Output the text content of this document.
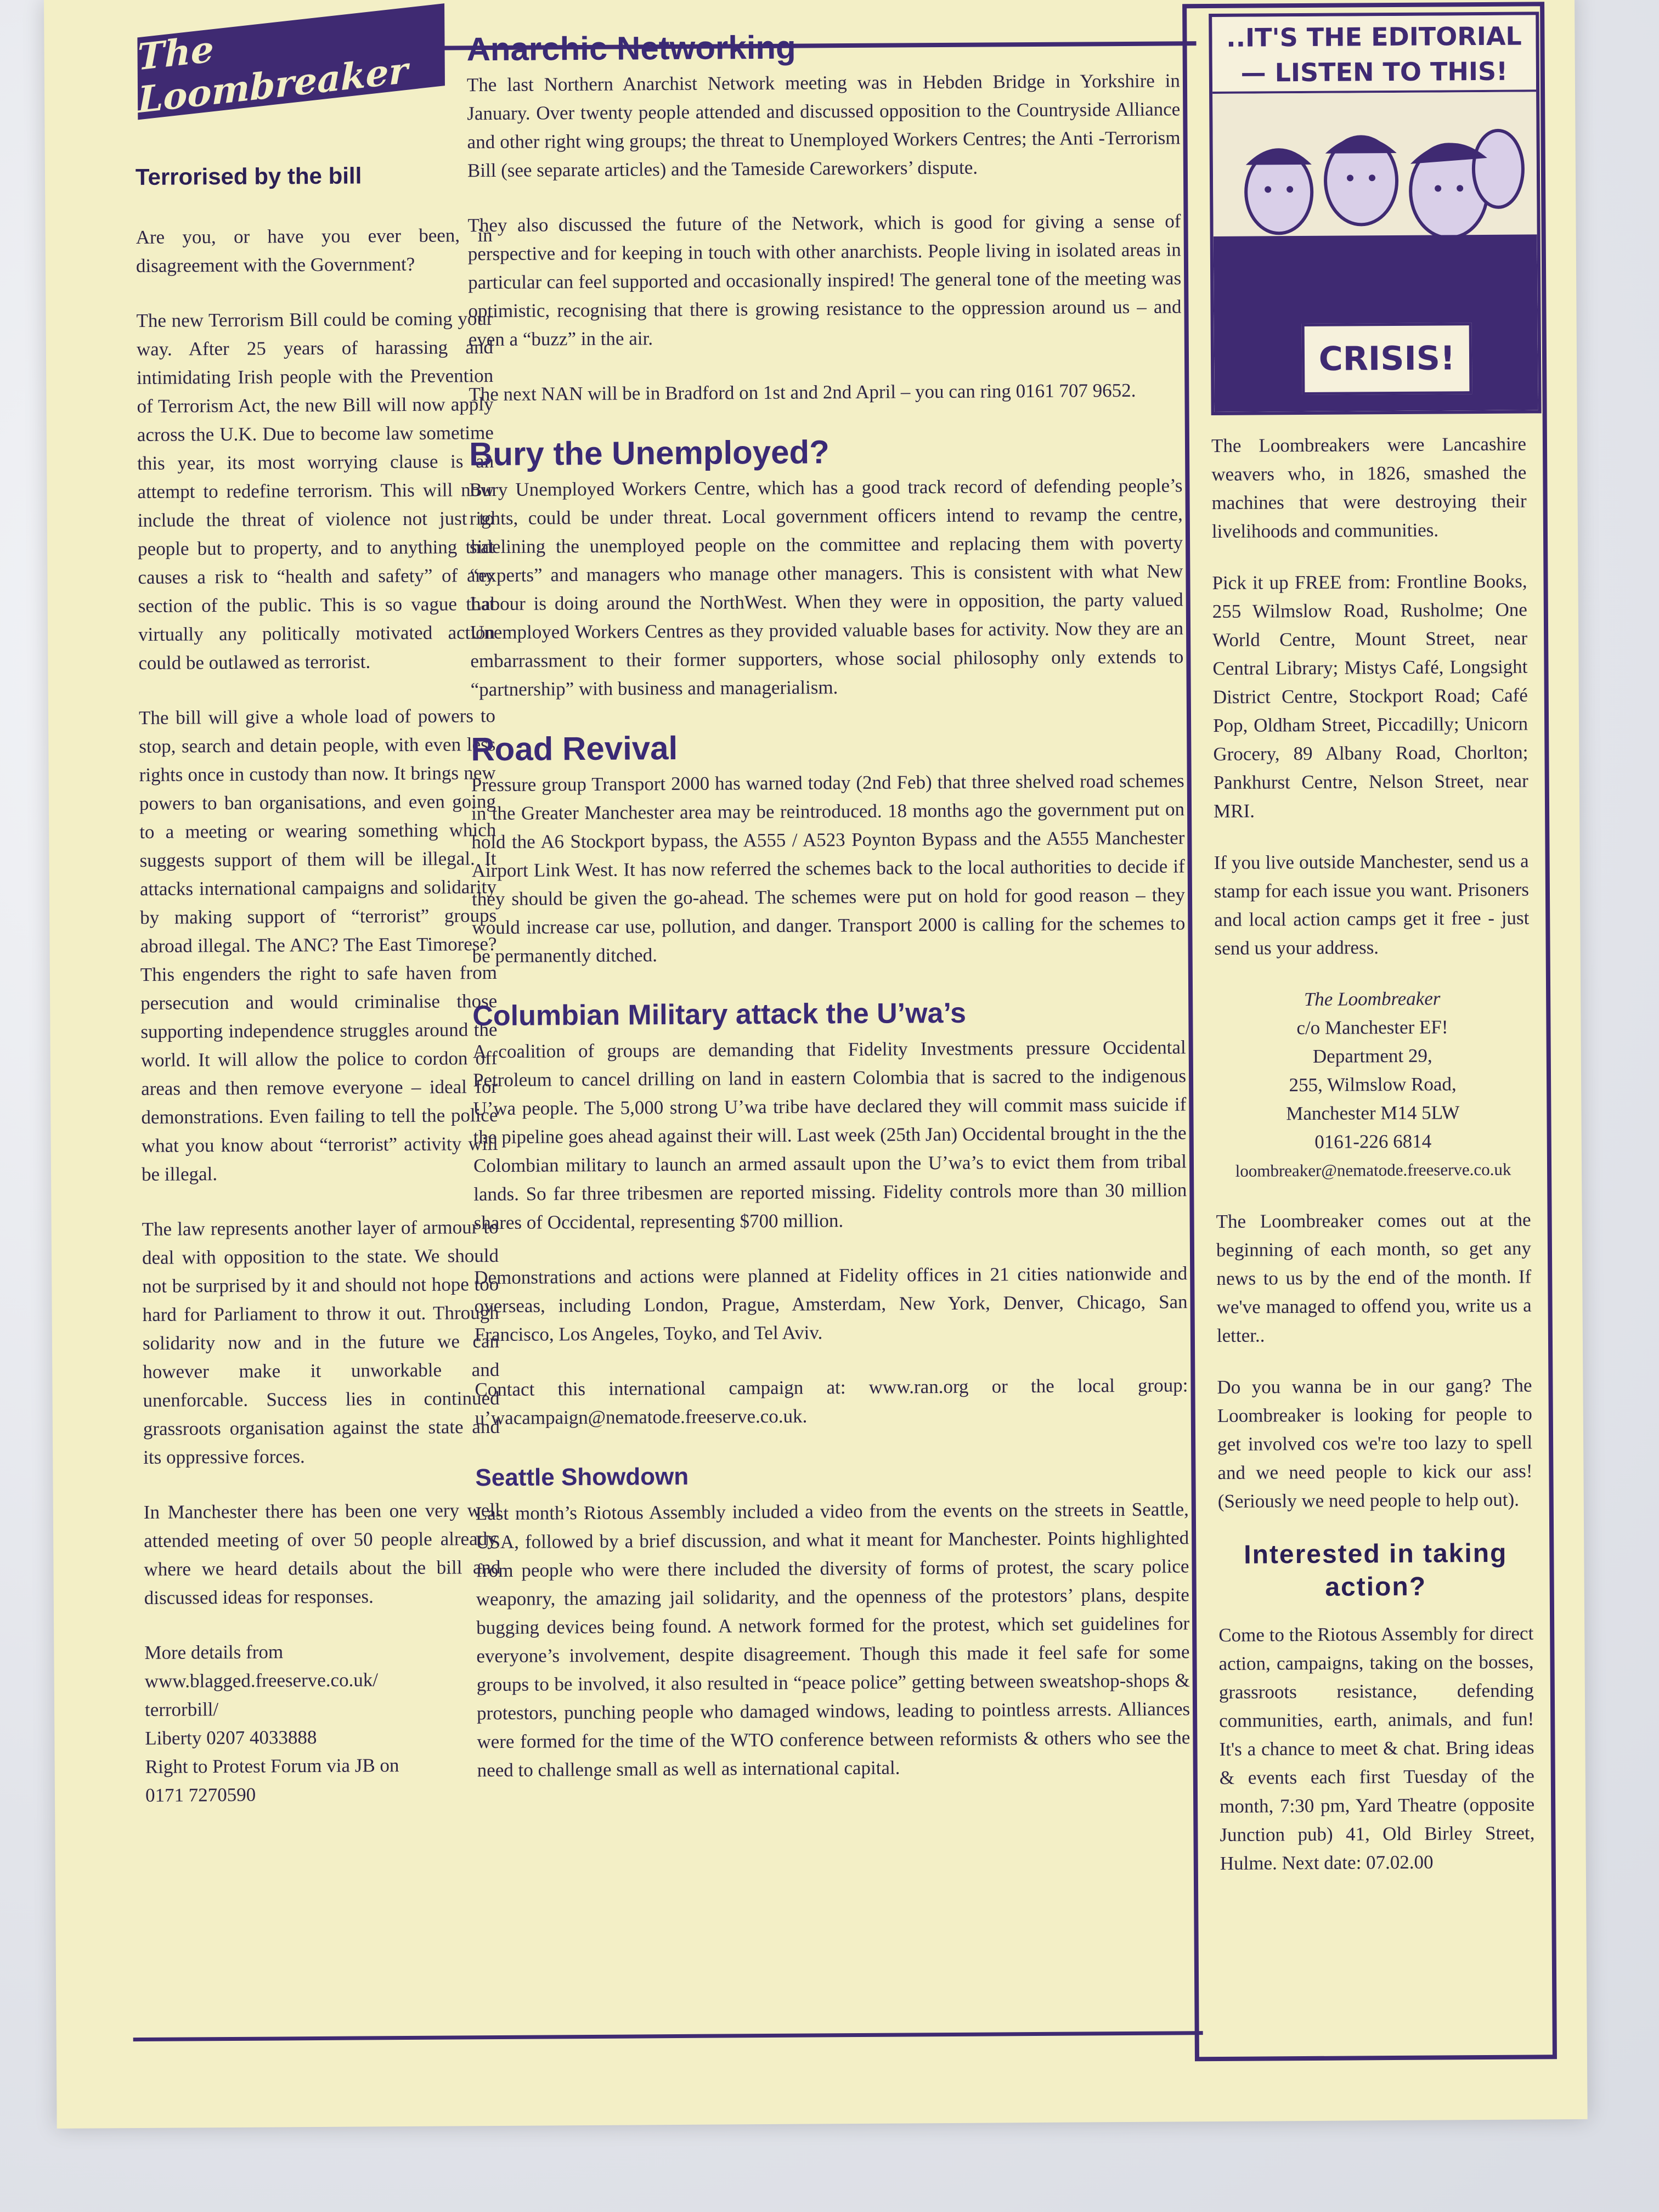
The Loombreaker
Terrorised by the bill

Are you, or have you ever been, in disagreement with the Government?

The new Terrorism Bill could be coming your way. After 25 years of harassing and intimidating Irish people with the Prevention of Terrorism Act, the new Bill will now apply across the U.K. Due to become law sometime this year, its most worrying clause is an attempt to redefine terrorism. This will now include the threat of violence not just to people but to property, and to anything that causes a risk to “health and safety” of any section of the public. This is so vague that virtually any politically motivated action could be outlawed as terrorist.

The bill will give a whole load of powers to stop, search and detain people, with even less rights once in custody than now. It brings new powers to ban organisations, and even going to a meeting or wearing something which suggests support of them will be illegal. It attacks international campaigns and solidarity by making support of “terrorist” groups abroad illegal. The ANC? The East Timorese? This engenders the right to safe haven from persecution and would criminalise those supporting independence struggles around the world. It will allow the police to cordon off areas and then remove everyone – ideal for demonstrations. Even failing to tell the police what you know about “terrorist” activity will be illegal.

The law represents another layer of armour to deal with opposition to the state. We should not be surprised by it and should not hope too hard for Parliament to throw it out. Through solidarity now and in the future we can however make it unworkable and unenforcable. Success lies in continued grassroots organisation against the state and its oppressive forces.

In Manchester there has been one very well attended meeting of over 50 people already, where we heard details about the bill and discussed ideas for responses.

More details from www.blagged.freeserve.co.uk/
terrorbill/
Liberty 0207 4033888
Right to Protest Forum via JB on
0171 7270590
Anarchic Networking

The last Northern Anarchist Network meeting was in Hebden Bridge in Yorkshire in January. Over twenty people attended and discussed opposition to the Countryside Alliance and other right wing groups; the threat to Unemployed Workers Centres; the Anti -Terrorism Bill (see separate articles) and the Tameside Careworkers’ dispute.

They also discussed the future of the Network, which is good for giving a sense of perspective and for keeping in touch with other anarchists. People living in isolated areas in particular can feel supported and occasionally inspired! The general tone of the meeting was optimistic, recognising that there is growing resistance to the oppression around us – and even a “buzz” in the air.

The next NAN will be in Bradford on 1st and 2nd April – you can ring 0161 707 9652.

Bury the Unemployed?

Bury Unemployed Workers Centre, which has a good track record of defending people’s rights, could be under threat. Local government officers intend to revamp the centre, sidelining the unemployed people on the committee and replacing them with poverty “experts” and managers who manage other managers. This is consistent with what New Labour is doing around the NorthWest. When they were in opposition, the party valued Unemployed Workers Centres as they provided valuable bases for activity. Now they are an embarrassment to their former supporters, whose social philosophy only extends to “partnership” with business and managerialism.

Road Revival

Pressure group Transport 2000 has warned today (2nd Feb) that three shelved road schemes in the Greater Manchester area may be reintroduced. 18 months ago the government put on hold the A6 Stockport bypass, the A555 / A523 Poynton Bypass and the A555 Manchester Airport Link West. It has now referred the schemes back to the local authorities to decide if they should be given the go-ahead. The schemes were put on hold for good reason – they would increase car use, pollution, and danger. Transport 2000 is calling for the schemes to be permanently ditched.

Columbian Military attack the U’wa’s

A coalition of groups are demanding that Fidelity Investments pressure Occidental Petroleum to cancel drilling on land in eastern Colombia that is sacred to the indigenous U’wa people. The 5,000 strong U’wa tribe have declared they will commit mass suicide if the pipeline goes ahead against their will. Last week (25th Jan) Occidental brought in the the Colombian military to launch an armed assault upon the U’wa’s to evict them from tribal lands. So far three tribesmen are reported missing. Fidelity controls more than 30 million shares of Occidental, representing $700 million.

Demonstrations and actions were planned at Fidelity offices in 21 cities nationwide and overseas, including London, Prague, Amsterdam, New York, Denver, Chicago, San Francisco, Los Angeles, Toyko, and Tel Aviv.

Contact this international campaign at: www.ran.org or the local group: u’wacampaign@nematode.freeserve.co.uk.

Seattle Showdown

Last month’s Riotous Assembly included a video from the events on the streets in Seattle, USA, followed by a brief discussion, and what it meant for Manchester. Points highlighted from people who were there included the diversity of forms of protest, the scary police weaponry, the amazing jail solidarity, and the openness of the protestors’ plans, despite bugging devices being found. A network formed for the protest, which set guidelines for everyone’s involvement, despite disagreement. Though this made it feel safe for some groups to be involved, it also resulted in “peace police” getting between sweatshop-shops & protestors, punching people who damaged windows, leading to pointless arrests. Alliances were formed for the time of the WTO conference between reformists & others who see the need to challenge small as well as international capital.

..IT'S THE EDITORIAL — LISTEN TO THIS!
CRISIS!

The Loombreakers were Lancashire weavers who, in 1826, smashed the machines that were destroying their livelihoods and communities.

Pick it up FREE from: Frontline Books, 255 Wilmslow Road, Rusholme; One World Centre, Mount Street, near Central Library; Mistys Café, Longsight District Centre, Stockport Road; Café Pop, Oldham Street, Piccadilly; Unicorn Grocery, 89 Albany Road, Chorlton; Pankhurst Centre, Nelson Street, near MRI.

If you live outside Manchester, send us a stamp for each issue you want. Prisoners and local action camps get it free - just send us your address.

The Loombreaker
c/o Manchester EF!
Department 29,
255, Wilmslow Road,
Manchester M14 5LW
0161-226 6814
loombreaker@nematode.freeserve.co.uk

The Loombreaker comes out at the beginning of each month, so get any news to us by the end of the month. If we've managed to offend you, write us a letter..

Do you wanna be in our gang? The Loombreaker is looking for people to get involved cos we're too lazy to spell and we need people to kick our ass! (Seriously we need people to help out).

Interested in taking action?

Come to the Riotous Assembly for direct action, campaigns, taking on the bosses, grassroots resistance, defending communities, earth, animals, and fun! It's a chance to meet & chat. Bring ideas & events each first Tuesday of the month, 7:30 pm, Yard Theatre (opposite Junction pub) 41, Old Birley Street, Hulme. Next date: 07.02.00
